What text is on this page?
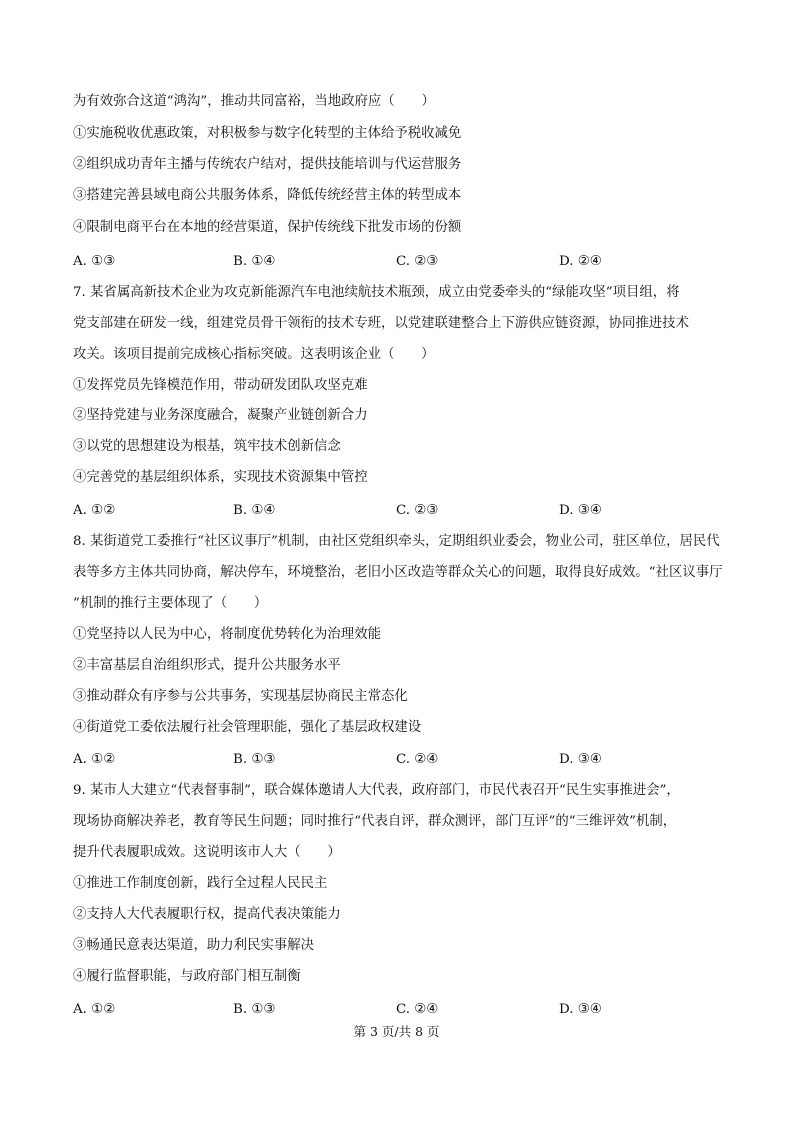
为有效弥合这道“鸿沟”，推动共同富裕，当地政府应（　　）
①实施税收优惠政策，对积极参与数字化转型的主体给予税收减免
②组织成功青年主播与传统农户结对，提供技能培训与代运营服务
③搭建完善县域电商公共服务体系，降低传统经营主体的转型成本
④限制电商平台在本地的经营渠道，保护传统线下批发市场的份额
A. ①③	B. ①④	C. ②③	D. ②④
7. 某省属高新技术企业为攻克新能源汽车电池续航技术瓶颈，成立由党委牵头的“绿能攻坚”项目组，将
党支部建在研发一线，组建党员骨干领衔的技术专班，以党建联建整合上下游供应链资源，协同推进技术
攻关。该项目提前完成核心指标突破。这表明该企业（　　）
①发挥党员先锋模范作用，带动研发团队攻坚克难
②坚持党建与业务深度融合，凝聚产业链创新合力
③以党的思想建设为根基，筑牢技术创新信念
④完善党的基层组织体系，实现技术资源集中管控
A. ①②	B. ①④	C. ②③	D. ③④
8. 某街道党工委推行“社区议事厅”机制，由社区党组织牵头，定期组织业委会，物业公司，驻区单位，居民代
表等多方主体共同协商，解决停车，环境整治，老旧小区改造等群众关心的问题，取得良好成效。“社区议事厅
”机制的推行主要体现了（　　）
①党坚持以人民为中心，将制度优势转化为治理效能
②丰富基层自治组织形式，提升公共服务水平
③推动群众有序参与公共事务，实现基层协商民主常态化
④街道党工委依法履行社会管理职能，强化了基层政权建设
A. ①②	B. ①③	C. ②④	D. ③④
9. 某市人大建立“代表督事制”，联合媒体邀请人大代表，政府部门，市民代表召开“民生实事推进会”，
现场协商解决养老，教育等民生问题；同时推行“代表自评，群众测评，部门互评”的“三维评效”机制，
提升代表履职成效。这说明该市人大（　　）
①推进工作制度创新，践行全过程人民民主
②支持人大代表履职行权，提高代表决策能力
③畅通民意表达渠道，助力利民实事解决
④履行监督职能，与政府部门相互制衡
A. ①②	B. ①③	C. ②④	D. ③④
第 3 页/共 8 页
